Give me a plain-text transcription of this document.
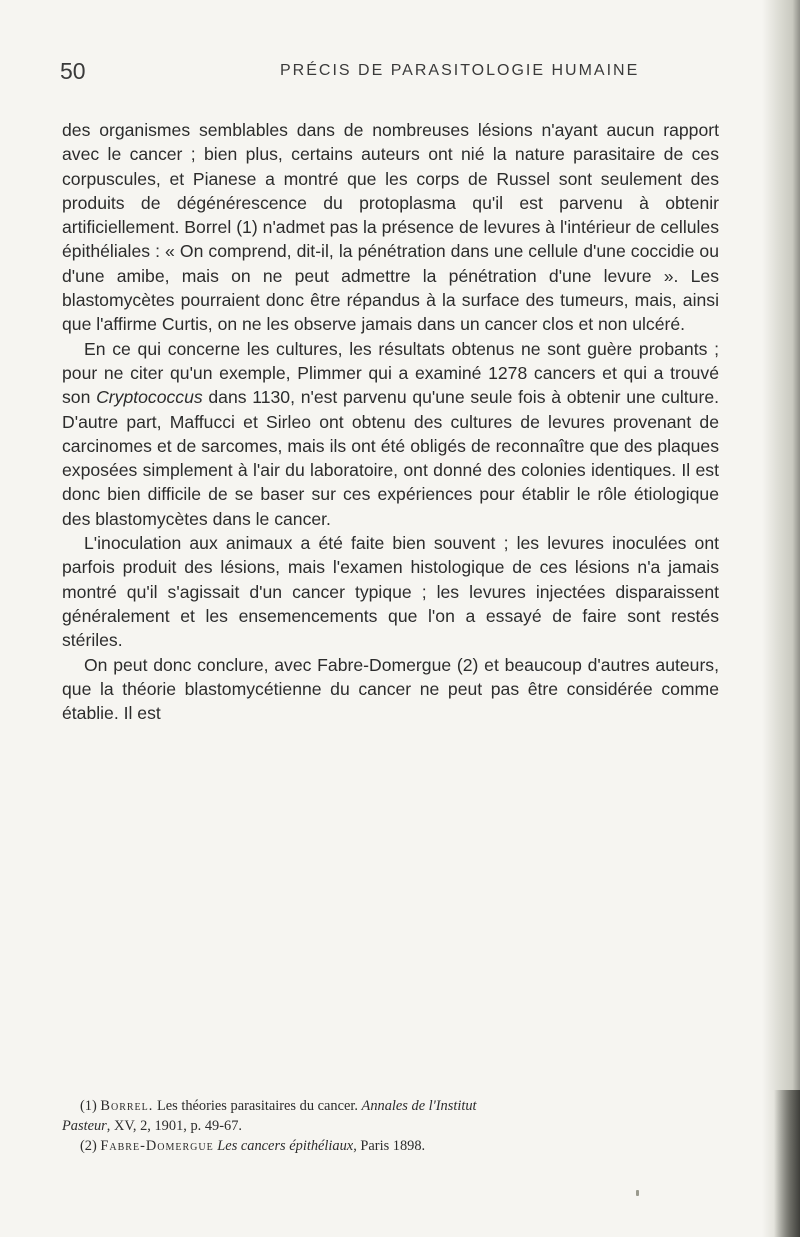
50	PRÉCIS DE PARASITOLOGIE HUMAINE

des organismes semblables dans de nombreuses lésions n'ayant aucun rapport avec le cancer ; bien plus, certains auteurs ont nié la nature parasitaire de ces corpuscules, et Pianese a montré que les corps de Russel sont seulement des produits de dégénérescence du protoplasma qu'il est parvenu à obtenir artificiellement. Borrel (1) n'admet pas la présence de levures à l'intérieur de cellules épithéliales : « On comprend, dit-il, la pénétration dans une cellule d'une coccidie ou d'une amibe, mais on ne peut admettre la pénétration d'une levure ». Les blastomycètes pourraient donc être répandus à la surface des tumeurs, mais, ainsi que l'affirme Curtis, on ne les observe jamais dans un cancer clos et non ulcéré.

En ce qui concerne les cultures, les résultats obtenus ne sont guère probants ; pour ne citer qu'un exemple, Plimmer qui a examiné 1278 cancers et qui a trouvé son Cryptococcus dans 1130, n'est parvenu qu'une seule fois à obtenir une culture. D'autre part, Maffucci et Sirleo ont obtenu des cultures de levures provenant de carcinomes et de sarcomes, mais ils ont été obligés de reconnaître que des plaques exposées simplement à l'air du laboratoire, ont donné des colonies identiques. Il est donc bien difficile de se baser sur ces expériences pour établir le rôle étiologique des blastomycètes dans le cancer.

L'inoculation aux animaux a été faite bien souvent ; les levures inoculées ont parfois produit des lésions, mais l'examen histologique de ces lésions n'a jamais montré qu'il s'agissait d'un cancer typique ; les levures injectées disparaissent généralement et les ensemencements que l'on a essayé de faire sont restés stériles.

On peut donc conclure, avec Fabre-Domergue (2) et beaucoup d'autres auteurs, que la théorie blastomycétienne du cancer ne peut pas être considérée comme établie. Il est

(1) Borrel. Les théories parasitaires du cancer. Annales de l'Institut

Pasteur, XV, 2, 1901, p. 49-67.

(2) Fabre-Domergue Les cancers épithéliaux, Paris 1898.
